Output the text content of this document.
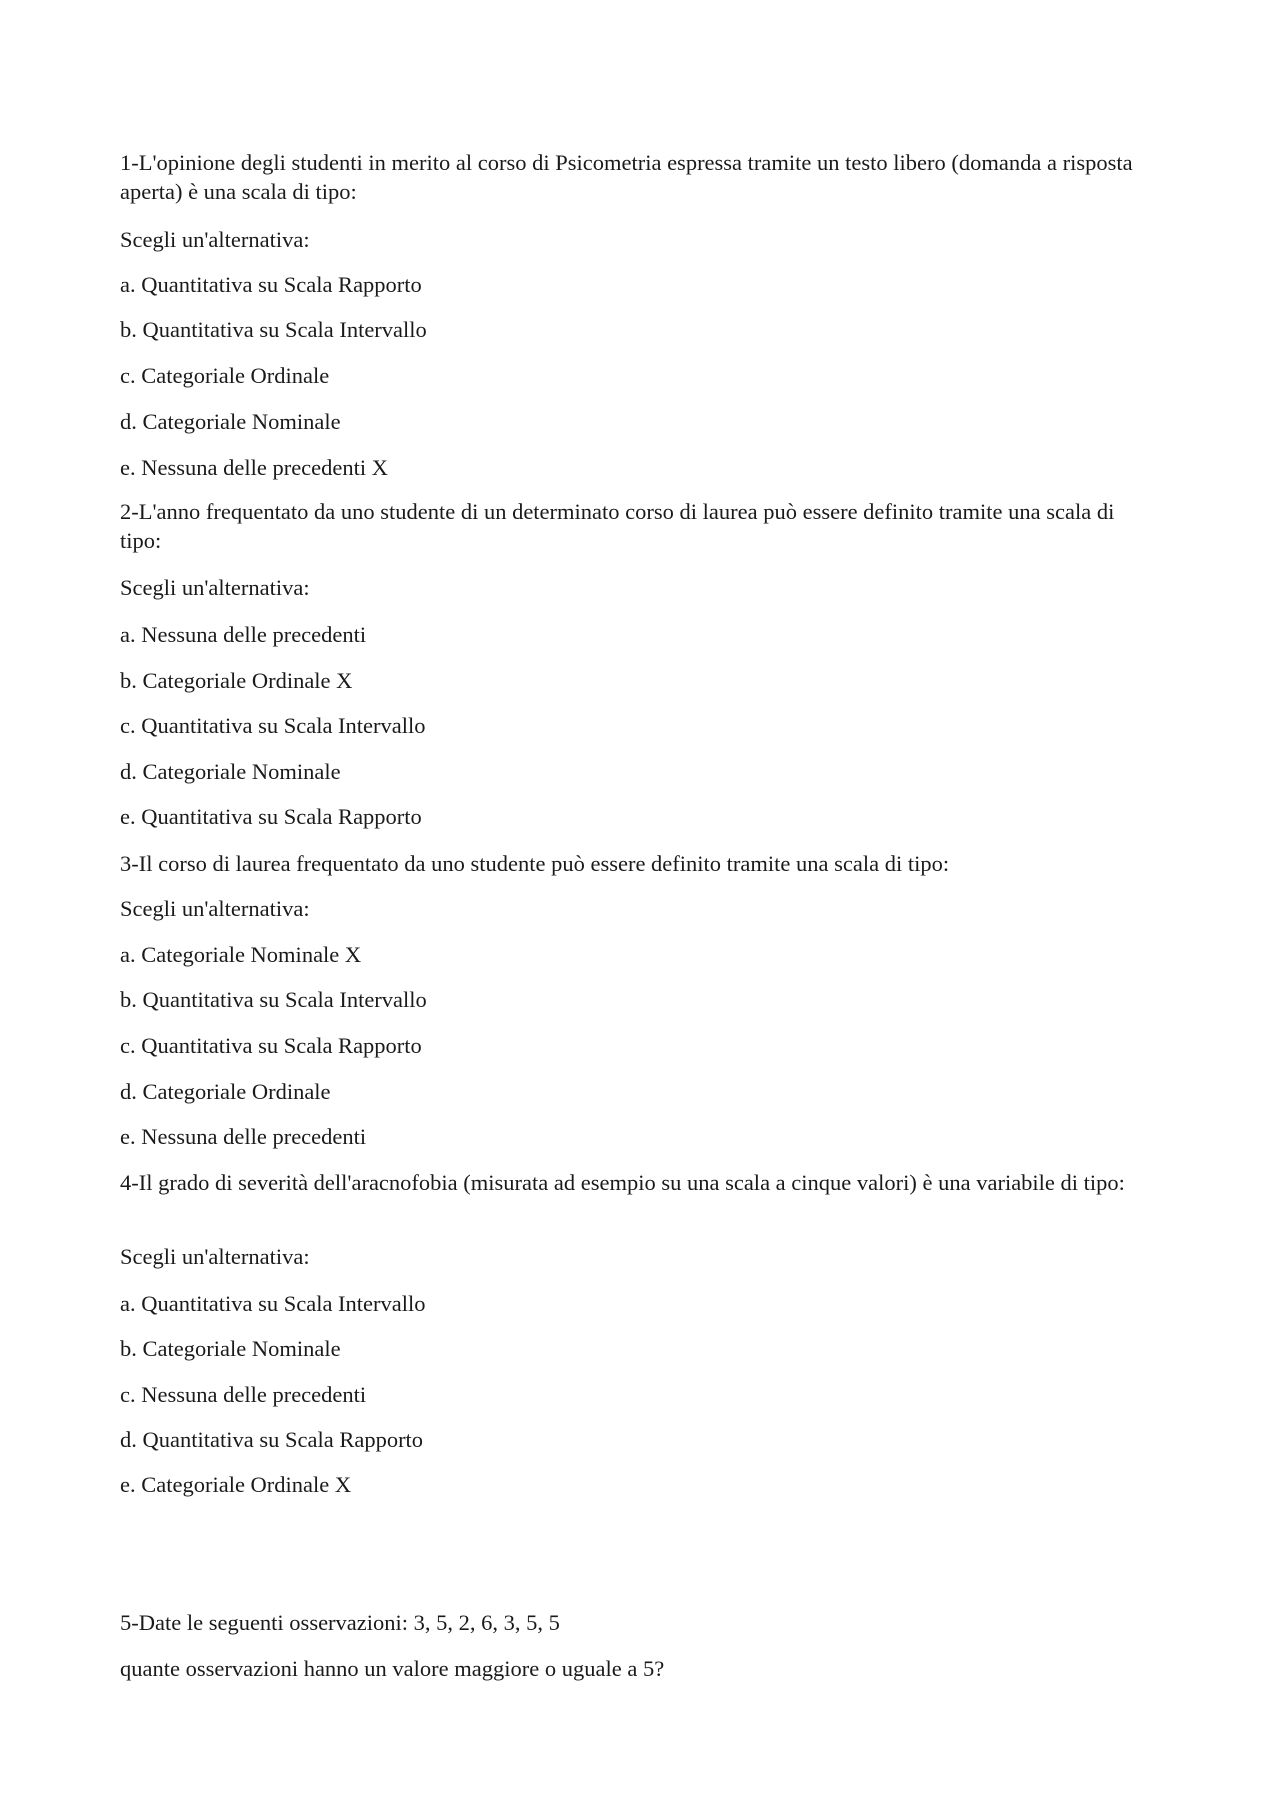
1-L'opinione degli studenti in merito al corso di Psicometria espressa tramite un testo libero (domanda a risposta aperta) è una scala di tipo:

Scegli un'alternativa:

a. Quantitativa su Scala Rapporto

b. Quantitativa su Scala Intervallo

c. Categoriale Ordinale

d. Categoriale Nominale

e. Nessuna delle precedenti X

2-L'anno frequentato da uno studente di un determinato corso di laurea può essere definito tramite una scala di tipo:

Scegli un'alternativa:

a. Nessuna delle precedenti

b. Categoriale Ordinale X

c. Quantitativa su Scala Intervallo

d. Categoriale Nominale

e. Quantitativa su Scala Rapporto

3-Il corso di laurea frequentato da uno studente può essere definito tramite una scala di tipo:

Scegli un'alternativa:

a. Categoriale Nominale X

b. Quantitativa su Scala Intervallo

c. Quantitativa su Scala Rapporto

d. Categoriale Ordinale

e. Nessuna delle precedenti

4-Il grado di severità dell'aracnofobia (misurata ad esempio su una scala a cinque valori) è una variabile di tipo:

Scegli un'alternativa:

a. Quantitativa su Scala Intervallo

b. Categoriale Nominale

c. Nessuna delle precedenti

d. Quantitativa su Scala Rapporto

e. Categoriale Ordinale X

5-Date le seguenti osservazioni: 3, 5, 2, 6, 3, 5, 5

quante osservazioni hanno un valore maggiore o uguale a 5?
